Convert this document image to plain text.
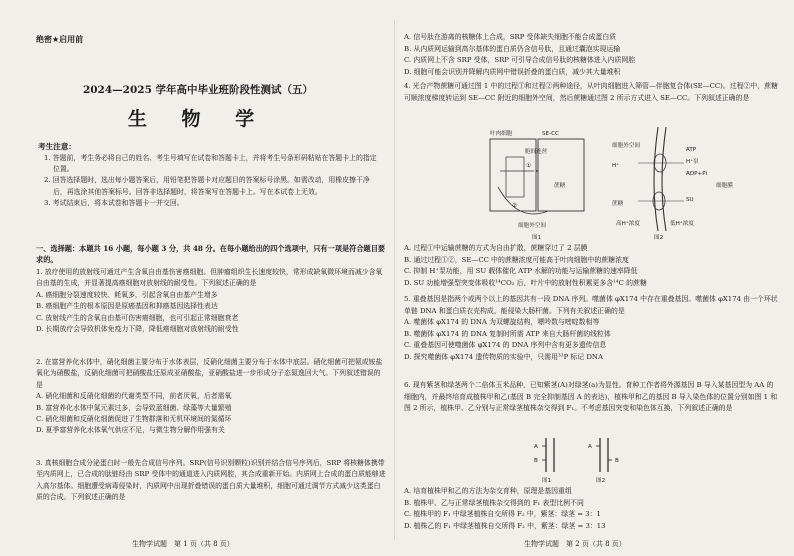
绝密★启用前
2024—2025 学年高中毕业班阶段性测试（五）
生 物 学
考生注意：

1. 答题前，考生务必将自己的姓名、考生号填写在试卷和答题卡上，并将考生号条形码粘贴在答题卡上的指定位置。

2. 回答选择题时，选出每小题答案后，用铅笔把答题卡对应题目的答案标号涂黑。如需改动，用橡皮擦干净后，再选涂其他答案标号。回答非选择题时，将答案写在答题卡上。写在本试卷上无效。

3. 考试结束后，将本试卷和答题卡一并交回。

一、选择题：本题共 16 小题，每小题 3 分，共 48 分。在每小题给出的四个选项中，只有一项是符合题目要求的。

1. 放疗使用的放射线可通过产生含氧自由基伤害癌细胞。但肿瘤组织生长速度较快，常形成缺氧微环境而减少含氧自由基的生成，并显著提高癌细胞对放射线的耐受性。下列叙述正确的是

A. 癌细胞分裂速度较快、耗氧多，引起含氧自由基产生增多

B. 癌细胞产生的根本原因是原癌基因和抑癌基因选择性表达

C. 放射线产生的含氧自由基可伤害癌细胞，也可引起正常细胞衰老

D. 长期放疗会导致机体免疫力下降，降低癌细胞对放射线的耐受性

2. 在富营养化水体中，硝化细菌主要分布于水体表层，反硝化细菌主要分布于水体中底层。硝化细菌可把氨或铵盐氧化为硝酸盐，反硝化细菌可把硝酸盐还原成亚硝酸盐，亚硝酸盐进一步形成分子态氮逸回大气。下列叙述错误的是

A. 硝化细菌和反硝化细菌的代谢类型不同，前者厌氧，后者需氧

B. 富营养化水体中氮元素过多，会导致蓝细菌、绿藻等大量繁殖

C. 硝化细菌和反硝化细菌促进了生物群落和无机环境间的氮循环

D. 夏季富营养化水体氧气供应不足，与微生物分解作用强有关

3. 真核细胞合成分泌蛋白时一般先合成信号序列。SRP(信号识别颗粒)识别并结合信号序列后，SRP 将核糖体携带至内质网上，已合成的肽链经由 SRP 受体中的通道进入内质网腔，其合成重新开始。内质网上合成的蛋白质能够进入高尔基体。细胞遭受病毒侵染时，内质网中出现折叠错误的蛋白质大量堆积，细胞可通过调节方式减少这类蛋白质的合成。下列叙述正确的是

生物学试题　第 1 页（共 8 页）

A. 信号肽在游离的核糖体上合成，SRP 受体缺失细胞不能合成蛋白质

B. 从内质网运输到高尔基体的蛋白质仍含信号肽，且通过囊泡实现运输

C. 内质网上不含 SRP 受体，SRP 可引导合成信号肽的核糖体进入内质网腔

D. 细胞可能会识别并降解内质网中错误折叠的蛋白质，减少其大量堆积

4. 光合产物蔗糖可通过图 1 中的过程①和过程②两种途径，从叶肉细胞进入筛管—伴胞复合体(SE—CC)。过程②中，蔗糖可顺浓度梯度转运到 SE—CC 附近的细胞外空间，然后蔗糖通过图 2 所示方式进入 SE—CC。下列叙述正确的是

叶肉细胞	SE-CC
①
②
胞间连丝
蔗糖
细胞外空间
图1
细胞外空间
H⁺
ATP
ADP+Pi
H⁺泵
SU
蔗糖
高H⁺浓度	低H⁺浓度
细胞膜
图2

A. 过程①中运输蔗糖的方式为自由扩散，蔗糖穿过了 2 层膜

B. 通过过程①②，SE—CC 中的蔗糖浓度可能高于叶肉细胞中的蔗糖浓度

C. 抑制 H⁺泵功能，用 SU 载体催化 ATP 水解的功能与运输蔗糖的速率降低

D. SU 功能增强型突变体吸收¹⁴CO₂ 后，叶片中的放射性积累更多含¹⁴C 的蔗糖

5. 重叠基因是指两个或两个以上的基因共有一段 DNA 序列。噬菌体 φX174 中存在重叠基因。噬菌体 φX174 由一个环状单链 DNA 和蛋白质衣壳构成，能侵染大肠杆菌。下列有关叙述正确的是

A. 噬菌体 φX174 的 DNA 为双螺旋结构，嘌呤数与嘧啶数相等

B. 噬菌体 φX174 的 DNA 复制时所需 ATP 来自大肠杆菌的线粒体

C. 重叠基因可使噬菌体 φX174 的 DNA 序列中含有更多遗传信息

D. 探究噬菌体 φX174 遗传物质的实验中，只需用³²P 标记 DNA

6. 现有紫茎和绿茎两个二倍体玉米品种，已知紫茎(A)对绿茎(a)为显性。育种工作者将外源基因 B 导入某基因型为 AA 的细胞内，并最终培育成植株甲和乙(基因 B 完全抑制基因 A 的表达)，植株甲和乙的基因 B 导入染色体的位置分别如图 1 和图 2 所示，植株甲、乙分别与正常绿茎植株杂交得到 F₁。不考虑基因突变和染色体互换，下列叙述正确的是

A
B
图1
A
B
图2

A. 培育植株甲和乙的方法为杂交育种，原理是基因重组

B. 植株甲、乙与正常绿茎植株杂交得到的 F₁ 表型比例不同

C. 植株甲的 F₁ 中绿茎植株自交所得 F₂ 中，紫茎：绿茎 = 3：1

D. 植株乙的 F₁ 中绿茎植株自交所得 F₂ 中，紫茎：绿茎 = 3：13

生物学试题　第 2 页（共 8 页）
